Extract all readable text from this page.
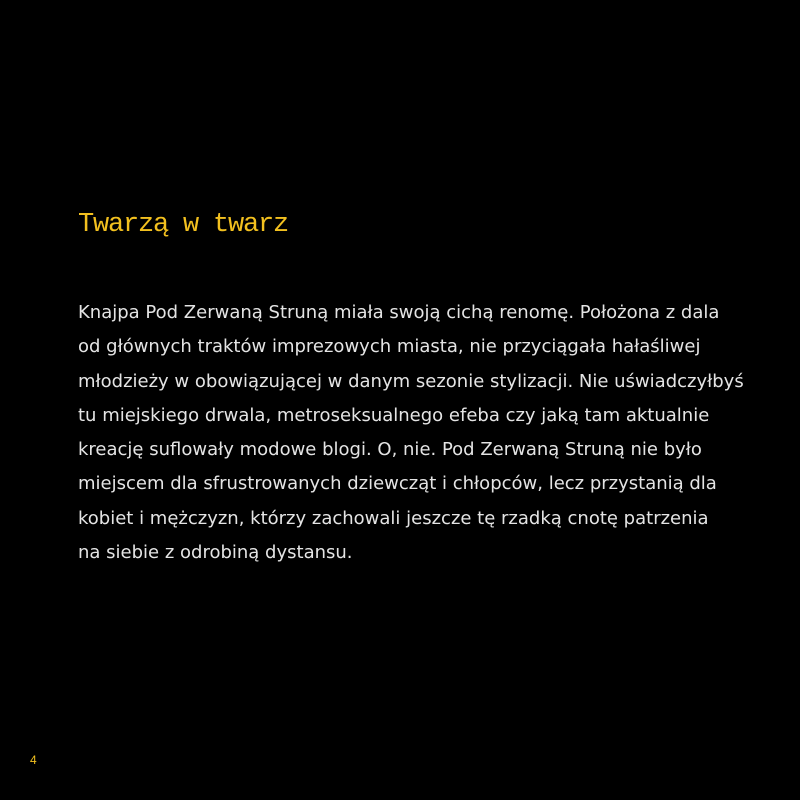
Twarzą w twarz
Knajpa Pod Zerwaną Struną miała swoją cichą renomę. Położona z dala
od głównych traktów imprezowych miasta, nie przyciągała hałaśliwej
młodzieży w obowiązującej w danym sezonie stylizacji. Nie uświadczyłbyś
tu miejskiego drwala, metroseksualnego efeba czy jaką tam aktualnie
kreację suflowały modowe blogi. O, nie. Pod Zerwaną Struną nie było
miejscem dla sfrustrowanych dziewcząt i chłopców, lecz przystanią dla
kobiet i mężczyzn, którzy zachowali jeszcze tę rzadką cnotę patrzenia
na siebie z odrobiną dystansu.
4
